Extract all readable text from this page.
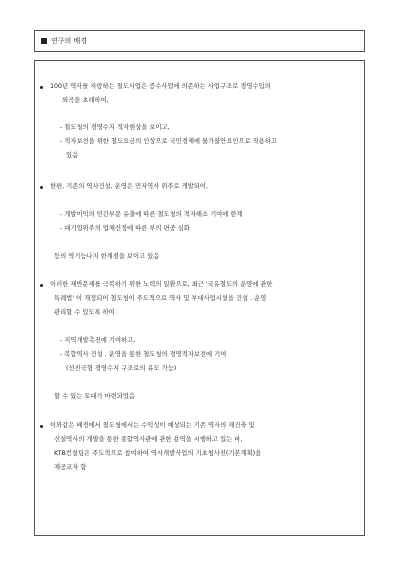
연구의 배경
100년 역사를 자랑하는 철도사업은 증수사업에 의존하는 사업구조로 경영수입의
외곡을 초래하여,
- 철도청의 경영수지 적자현상을 보이고,
- 적자보전을 위한 철도요금의 인상으로 국민경제에 물가불안요인으로 작용하고
있음
한편, 기존의 역사건설, 운영은 민자역사 위주로 개발되어,
- 개발이익의 민간부문 유출에 따른 철도청의 적자해소 기여에 한계
- 대기업위주의 업체선정에 따른 부의 편중 심화
등의 역기능나지 한계점을 보이고 있음
이러한 제반문제를 극복하기 위한 노력의 일환으로, 최근 '국유철도의 운영에 관한
특례법' 이 개정되어 철도청이 주도적으로 역사 및 부대사업시설을 건설 . 운영
관리할 수 있도록 하여
- 지역개발촉진에 기여하고,
- 복합역사 건설 . 운영을 통한 철도청의 경영적자보전에 기여
(선진국형 경영수지 구조로의 유도 가능)
할 수 있는 토대가 마련되었음
이와같은 배경에서 철도청에서는 수익성이 예상되는 기존 역사의 재건축 및
신설역사의 개발을 통한 종합역사관에 관한 용역을 시행하고 있는 바,
KTB컨설팅은 주도적으로 참여하여 역사개발사업의 기초청사진(기본계획)을
제공코자 함
